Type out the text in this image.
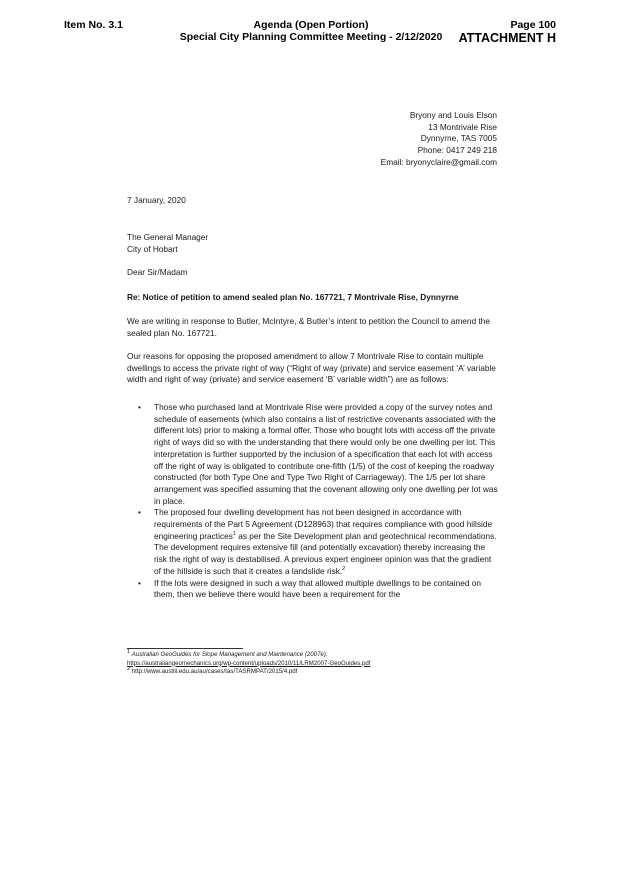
Item No. 3.1	Agenda (Open Portion)
Special City Planning Committee Meeting - 2/12/2020
Page 100
ATTACHMENT H
Bryony and Louis Elson
13 Montrivale Rise
Dynnyrne, TAS 7005
Phone: 0417 249 218
Email: bryonyclaire@gmail.com
7 January, 2020
The General Manager
City of Hobart
Dear Sir/Madam
Re: Notice of petition to amend sealed plan No. 167721, 7 Montrivale Rise, Dynnyrne
We are writing in response to Butler, McIntyre, & Butler’s intent to petition the Council to amend the sealed plan No. 167721.
Our reasons for opposing the proposed amendment to allow 7 Montrivale Rise to contain multiple dwellings to access the private right of way (“Right of way (private) and service easement ‘A’ variable width and right of way (private) and service easement ‘B’ variable width”) are as follows:
• Those who purchased land at Montrivale Rise were provided a copy of the survey notes and schedule of easements (which also contains a list of restrictive covenants associated with the different lots) prior to making a formal offer. Those who bought lots with access off the private right of ways did so with the understanding that there would only be one dwelling per lot. This interpretation is further supported by the inclusion of a specification that each lot with access off the right of way is obligated to contribute one-fifth (1/5) of the cost of keeping the roadway constructed (for both Type One and Type Two Right of Carriageway). The 1/5 per lot share arrangement was specified assuming that the covenant allowing only one dwelling per lot was in place.
• The proposed four dwelling development has not been designed in accordance with requirements of the Part 5 Agreement (D128963) that requires compliance with good hillside engineering practices$^1$ as per the Site Development plan and geotechnical recommendations. The development requires extensive fill (and potentially excavation) thereby increasing the risk the right of way is destabilised. A previous expert engineer opinion was that the gradient of the hillside is such that it creates a landslide risk.$^2$
• If the lots were designed in such a way that allowed multiple dwellings to be contained on them, then we believe there would have been a requirement for the
$^1$ Australian GeoGuides for Slope Management and Maintenance (2007e);
https://australiangeomechanics.org/wp-content/uploads/2010/11/LRM2007-GeoGuides.pdf
$^2$ http://www.austlii.edu.au/au/cases/tas/TASRMPAT/2015/4.pdf
